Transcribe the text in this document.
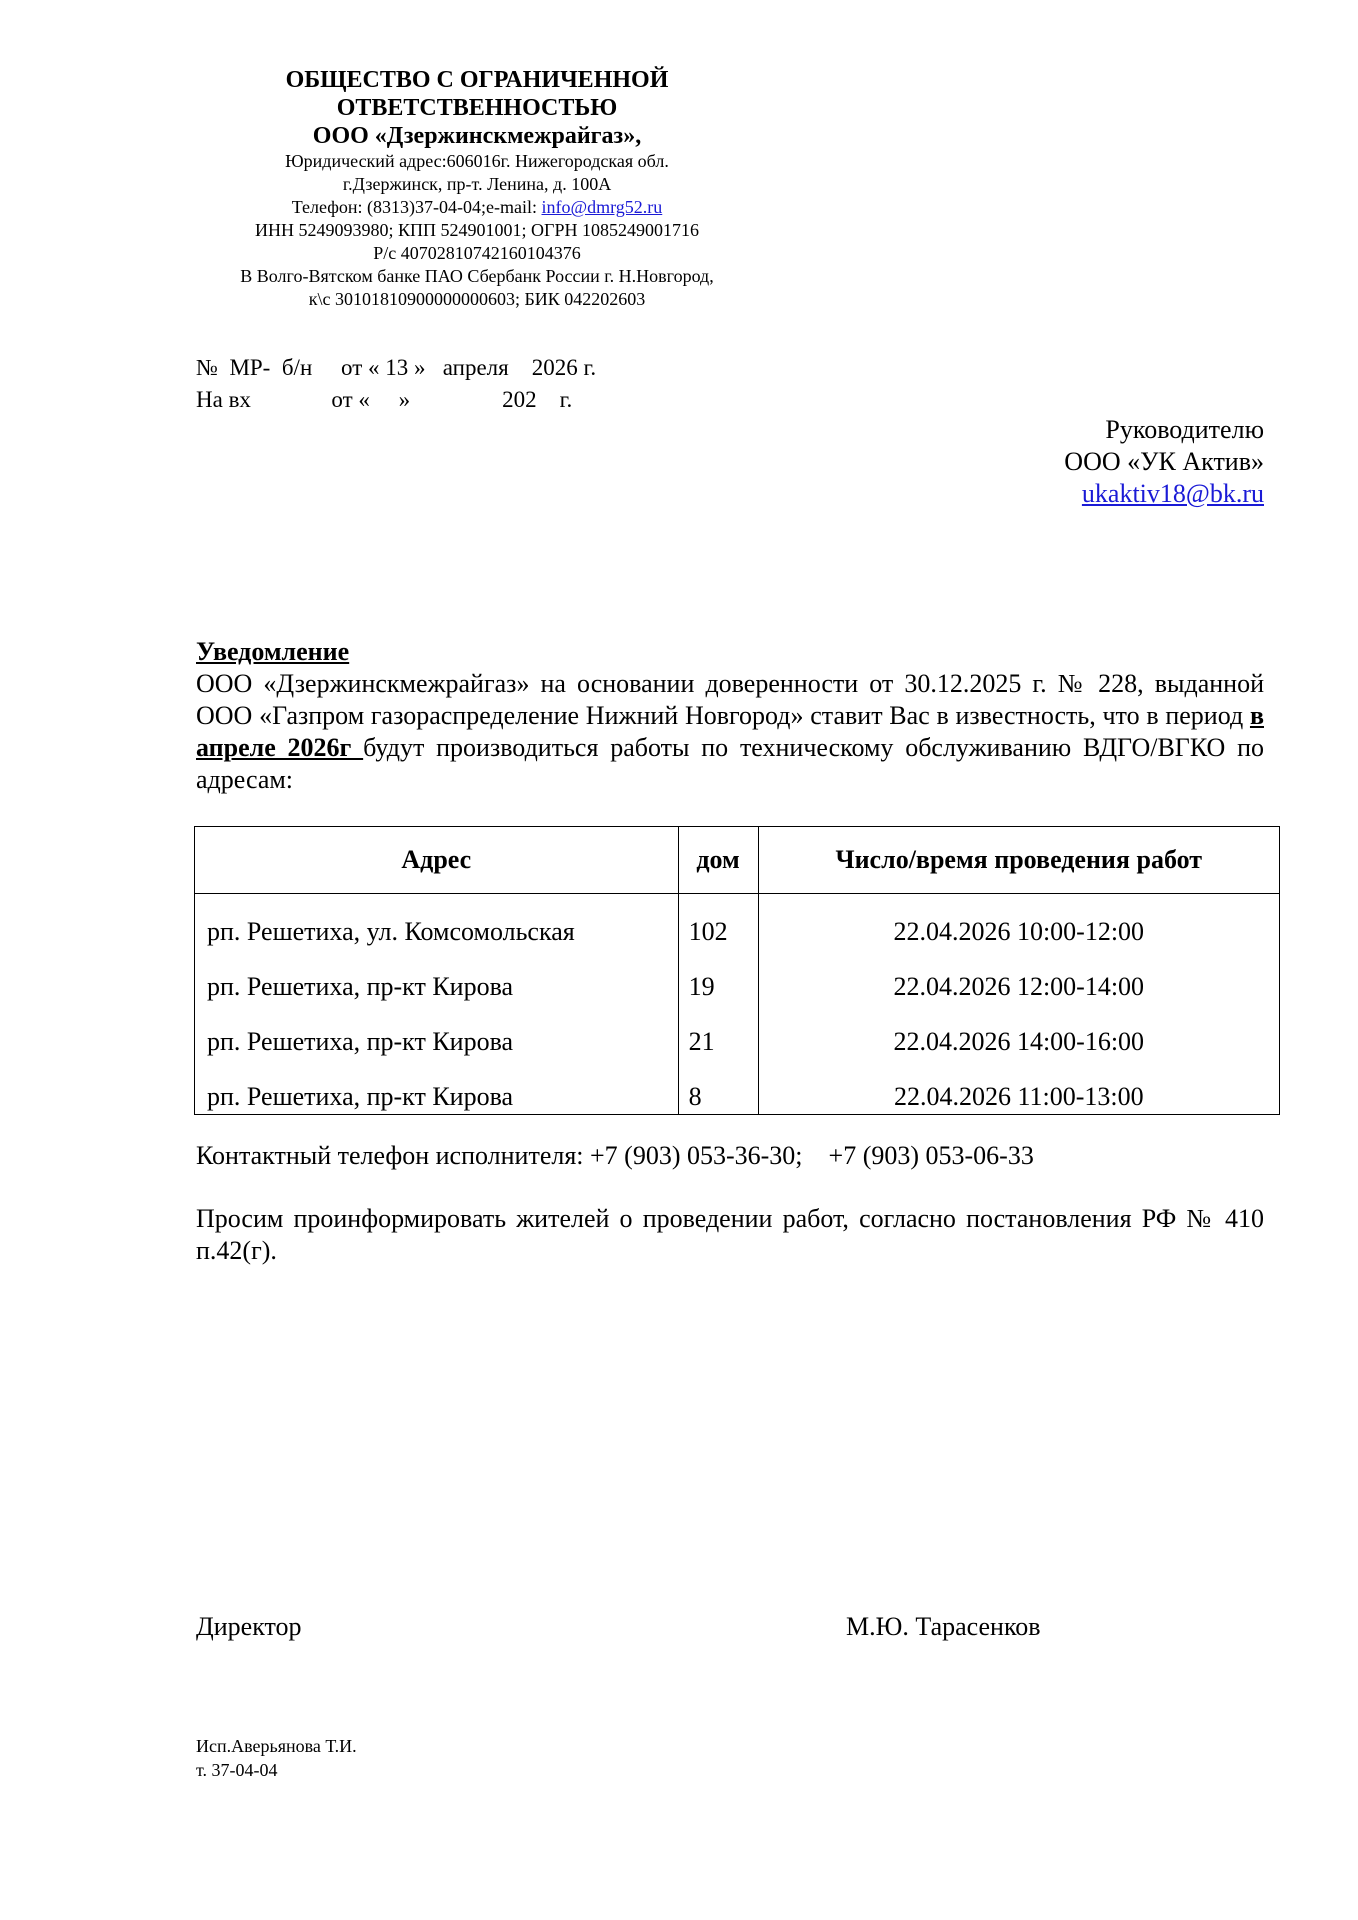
ОБЩЕСТВО С ОГРАНИЧЕННОЙ
ОТВЕТСТВЕННОСТЬЮ
ООО «Дзержинскмежрайгаз»,
Юридический адрес:606016г. Нижегородская обл.
г.Дзержинск, пр-т. Ленина, д. 100А
Телефон: (8313)37-04-04;e-mail: info@dmrg52.ru
ИНН 5249093980; КПП 524901001; ОГРН 1085249001716
Р/с 40702810742160104376
В Волго-Вятском банке ПАО Сбербанк России г. Н.Новгород,
к\с 30101810900000000603; БИК 042202603
№  МР-  б/н     от « 13 »   апреля    2026 г.
На вх              от «     »                202    г.
Руководителю
ООО «УК Актив»
ukaktiv18@bk.ru
Уведомление
ООО «Дзержинскмежрайгаз» на основании доверенности от 30.12.2025 г. № 228, выданной ООО «Газпром газораспределение Нижний Новгород» ставит Вас в известность, что в период в апреле 2026г будут производиться работы по техническому обслуживанию ВДГО/ВГКО по адресам:
Адрес	дом	Число/время проведения работ
рп. Решетиха, ул. Комсомольская	102	22.04.2026 10:00-12:00
рп. Решетиха, пр-кт Кирова	19	22.04.2026 12:00-14:00
рп. Решетиха, пр-кт Кирова	21	22.04.2026 14:00-16:00
рп. Решетиха, пр-кт Кирова	8	22.04.2026 11:00-13:00
Контактный телефон исполнителя: +7 (903) 053-36-30;    +7 (903) 053-06-33
Просим проинформировать жителей о проведении работ, согласно постановления РФ № 410 п.42(г).
Директор	М.Ю. Тарасенков
Исп.Аверьянова Т.И.
т. 37-04-04
